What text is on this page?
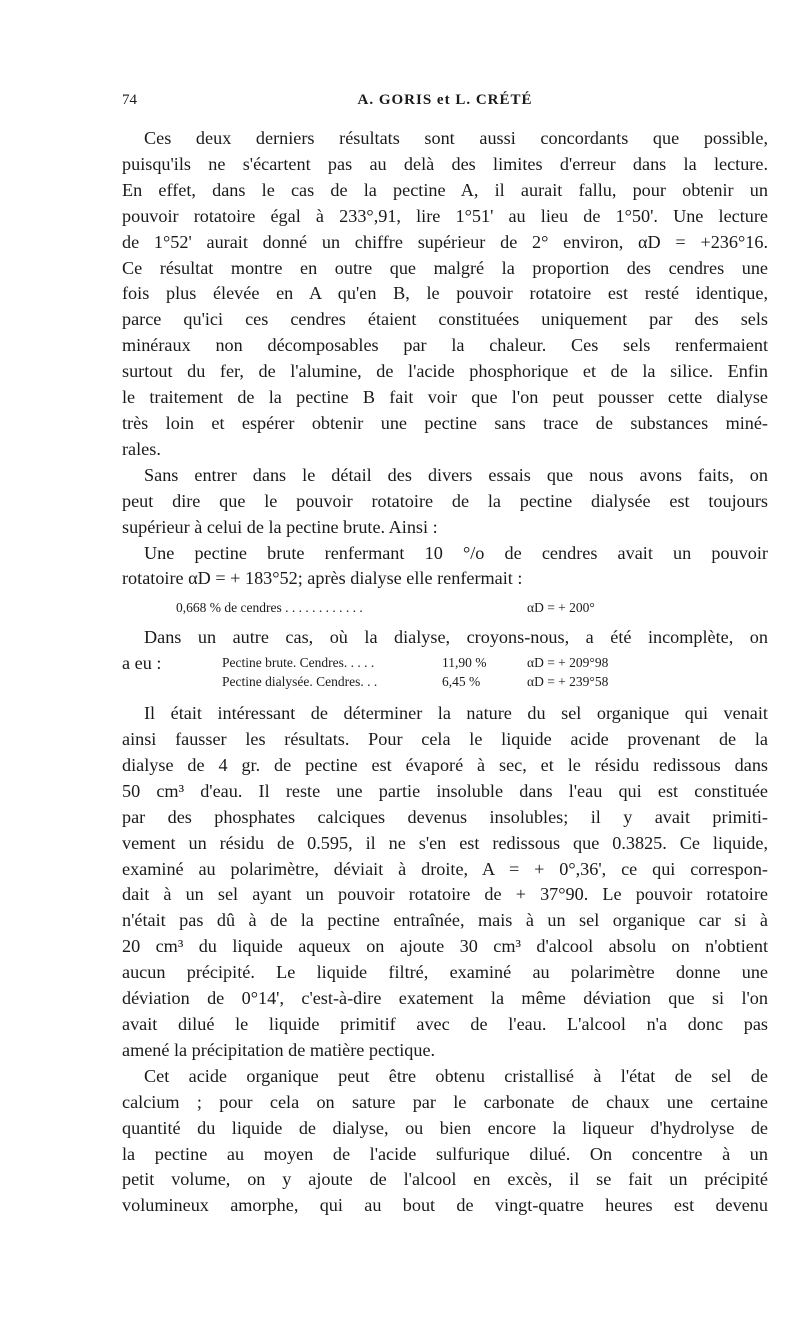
74	A. GORIS et L. CRÉTÉ
Ces deux derniers résultats sont aussi concordants que possible,
puisqu'ils ne s'écartent pas au delà des limites d'erreur dans la lecture.
En effet, dans le cas de la pectine A, il aurait fallu, pour obtenir un
pouvoir rotatoire égal à 233°,91, lire 1°51' au lieu de 1°50'. Une lecture
de 1°52' aurait donné un chiffre supérieur de 2° environ, αD = +236°16.
Ce résultat montre en outre que malgré la proportion des cendres une
fois plus élevée en A qu'en B, le pouvoir rotatoire est resté identique,
parce qu'ici ces cendres étaient constituées uniquement par des sels
minéraux non décomposables par la chaleur. Ces sels renfermaient
surtout du fer, de l'alumine, de l'acide phosphorique et de la silice. Enfin
le traitement de la pectine B fait voir que l'on peut pousser cette dialyse
très loin et espérer obtenir une pectine sans trace de substances miné-
rales.
Sans entrer dans le détail des divers essais que nous avons faits, on
peut dire que le pouvoir rotatoire de la pectine dialysée est toujours
supérieur à celui de la pectine brute. Ainsi :
Une pectine brute renfermant 10 °/o de cendres avait un pouvoir
rotatoire αD = + 183°52; après dialyse elle renfermait :
0,668 % de cendres . . . . . . . . . . . .	αD = + 200°
Dans un autre cas, où la dialyse, croyons-nous, a été incomplète, on
a eu :	Pectine brute. Cendres. . . . .	11,90 %	αD = + 209°98
Pectine dialysée. Cendres. . .	6,45 %	αD = + 239°58
Il était intéressant de déterminer la nature du sel organique qui venait
ainsi fausser les résultats. Pour cela le liquide acide provenant de la
dialyse de 4 gr. de pectine est évaporé à sec, et le résidu redissous dans
50 cm³ d'eau. Il reste une partie insoluble dans l'eau qui est constituée
par des phosphates calciques devenus insolubles; il y avait primiti-
vement un résidu de 0.595, il ne s'en est redissous que 0.3825. Ce liquide,
examiné au polarimètre, déviait à droite, A = + 0°,36', ce qui correspon-
dait à un sel ayant un pouvoir rotatoire de + 37°90. Le pouvoir rotatoire
n'était pas dû à de la pectine entraînée, mais à un sel organique car si à
20 cm³ du liquide aqueux on ajoute 30 cm³ d'alcool absolu on n'obtient
aucun précipité. Le liquide filtré, examiné au polarimètre donne une
déviation de 0°14', c'est-à-dire exatement la même déviation que si l'on
avait dilué le liquide primitif avec de l'eau. L'alcool n'a donc pas
amené la précipitation de matière pectique.
Cet acide organique peut être obtenu cristallisé à l'état de sel de
calcium ; pour cela on sature par le carbonate de chaux une certaine
quantité du liquide de dialyse, ou bien encore la liqueur d'hydrolyse de
la pectine au moyen de l'acide sulfurique dilué. On concentre à un
petit volume, on y ajoute de l'alcool en excès, il se fait un précipité
volumineux amorphe, qui au bout de vingt-quatre heures est devenu
